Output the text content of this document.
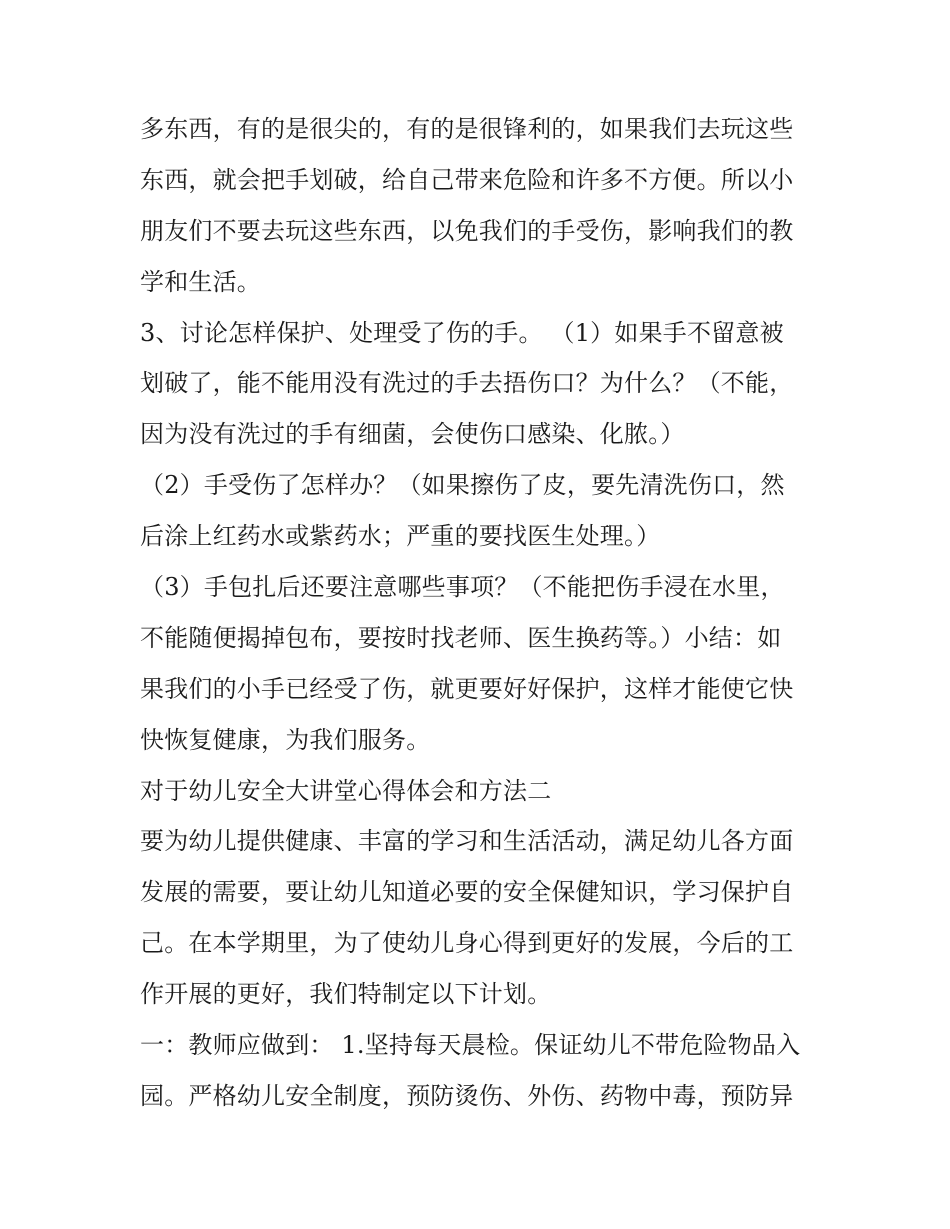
多东西，有的是很尖的，有的是很锋利的，如果我们去玩这些
东西，就会把手划破，给自己带来危险和许多不方便。所以小
朋友们不要去玩这些东西，以免我们的手受伤，影响我们的教
学和生活。
3、讨论怎样保护、处理受了伤的手。 （1）如果手不留意被
划破了，能不能用没有洗过的手去捂伤口？为什么？（不能，
因为没有洗过的手有细菌，会使伤口感染、化脓。）
（2）手受伤了怎样办？（如果擦伤了皮，要先清洗伤口，然
后涂上红药水或紫药水；严重的要找医生处理。）
（3）手包扎后还要注意哪些事项？（不能把伤手浸在水里，
不能随便揭掉包布，要按时找老师、医生换药等。）小结：如
果我们的小手已经受了伤，就更要好好保护，这样才能使它快
快恢复健康，为我们服务。
对于幼儿安全大讲堂心得体会和方法二
要为幼儿提供健康、丰富的学习和生活活动，满足幼儿各方面
发展的需要，要让幼儿知道必要的安全保健知识，学习保护自
己。在本学期里，为了使幼儿身心得到更好的发展，今后的工
作开展的更好，我们特制定以下计划。
一：教师应做到： 1.坚持每天晨检。保证幼儿不带危险物品入
园。严格幼儿安全制度，预防烫伤、外伤、药物中毒，预防异
